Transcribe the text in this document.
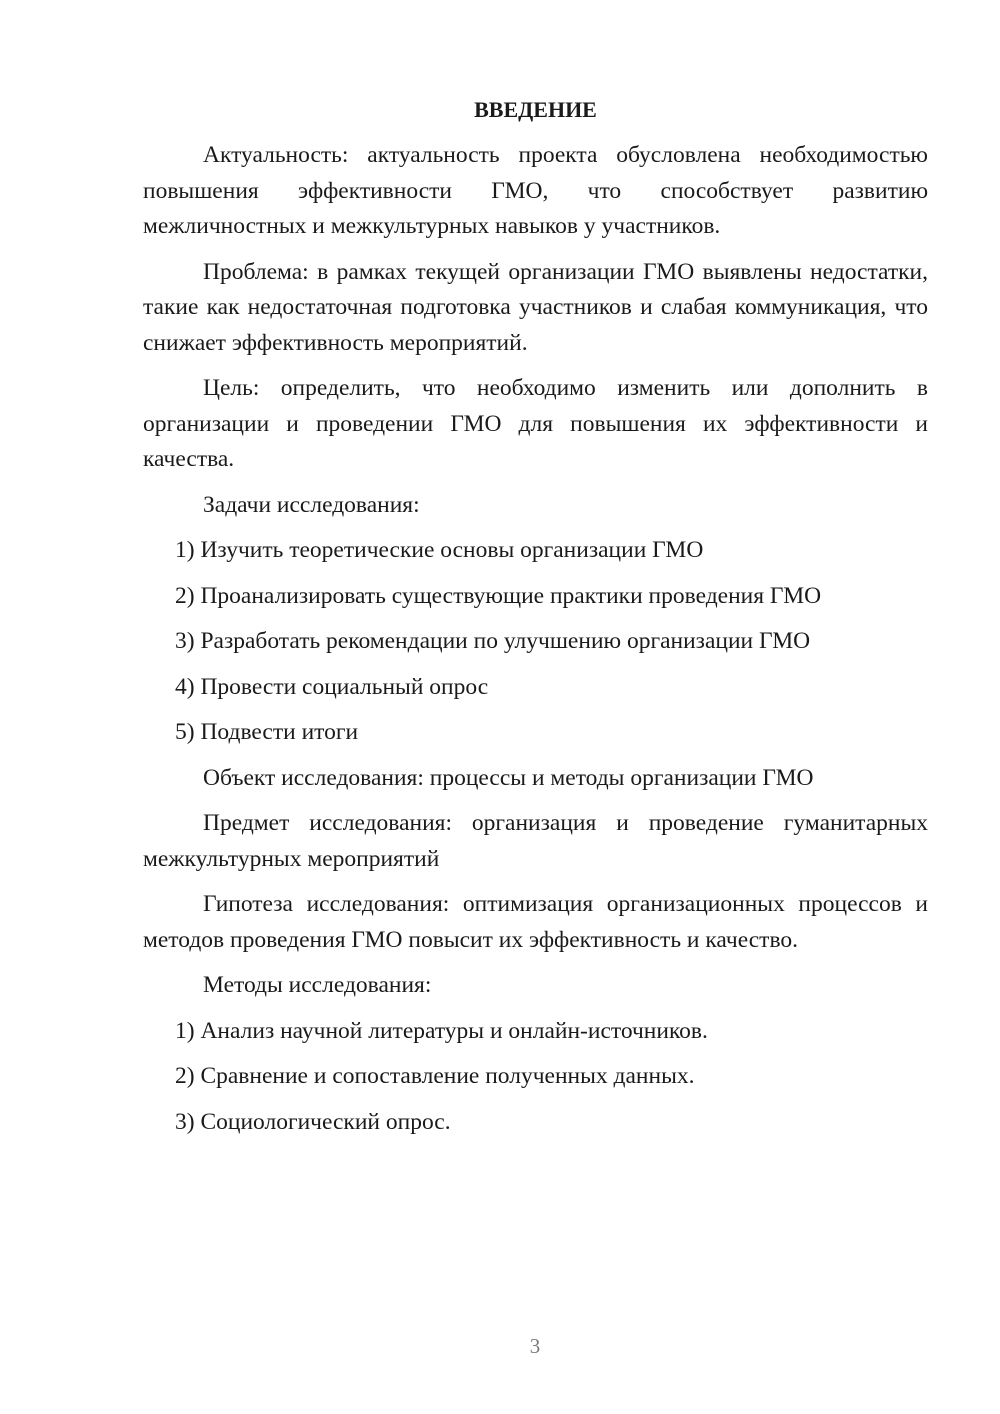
ВВЕДЕНИЕ

Актуальность: актуальность проекта обусловлена необходимостью повышения эффективности ГМО, что способствует развитию межличностных и межкультурных навыков у участников.

Проблема: в рамках текущей организации ГМО выявлены недостатки, такие как недостаточная подготовка участников и слабая коммуникация, что снижает эффективность мероприятий.

Цель: определить, что необходимо изменить или дополнить в организации и проведении ГМО для повышения их эффективности и качества.

Задачи исследования:

1) Изучить теоретические основы организации ГМО

2) Проанализировать существующие практики проведения ГМО

3) Разработать рекомендации по улучшению организации ГМО

4) Провести социальный опрос

5) Подвести итоги

Объект исследования: процессы и методы организации ГМО

Предмет исследования: организация и проведение гуманитарных межкультурных мероприятий

Гипотеза исследования: оптимизация организационных процессов и методов проведения ГМО повысит их эффективность и качество.

Методы исследования:

1) Анализ научной литературы и онлайн-источников.

2) Сравнение и сопоставление полученных данных.

3) Социологический опрос.

3
